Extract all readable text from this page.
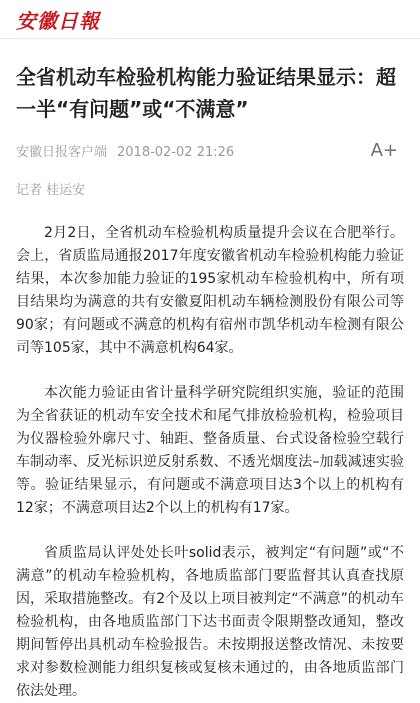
安徽日報
全省机动车检验机构能力验证结果显示：超一半“有问题”或“不满意”
安徽日报客户端 2018-02-02 21:26	A+
记者 桂运安

2月2日，全省机动车检验机构质量提升会议在合肥举行。会上，省质监局通报2017年度安徽省机动车检验机构能力验证结果，本次参加能力验证的195家机动车检验机构中，所有项目结果均为满意的共有安徽夏阳机动车辆检测股份有限公司等90家；有问题或不满意的机构有宿州市凯华机动车检测有限公司等105家，其中不满意机构64家。

本次能力验证由省计量科学研究院组织实施，验证的范围为全省获证的机动车安全技术和尾气排放检验机构，检验项目为仪器检验外廓尺寸、轴距、整备质量、台式设备检验空载行车制动率、反光标识逆反射系数、不透光烟度法–加载减速实验等。验证结果显示，有问题或不满意项目达3个以上的机构有12家；不满意项目达2个以上的机构有17家。

省质监局认评处处长叶solid表示，被判定“有问题”或“不满意”的机动车检验机构，各地质监部门要监督其认真查找原因，采取措施整改。有2个及以上项目被判定“不满意”的机动车检验机构，由各地质监部门下达书面责令限期整改通知，整改期间暂停出具机动车检验报告。未按期报送整改情况、未按要求对参数检测能力组织复核或复核未通过的，由各地质监部门依法处理。
